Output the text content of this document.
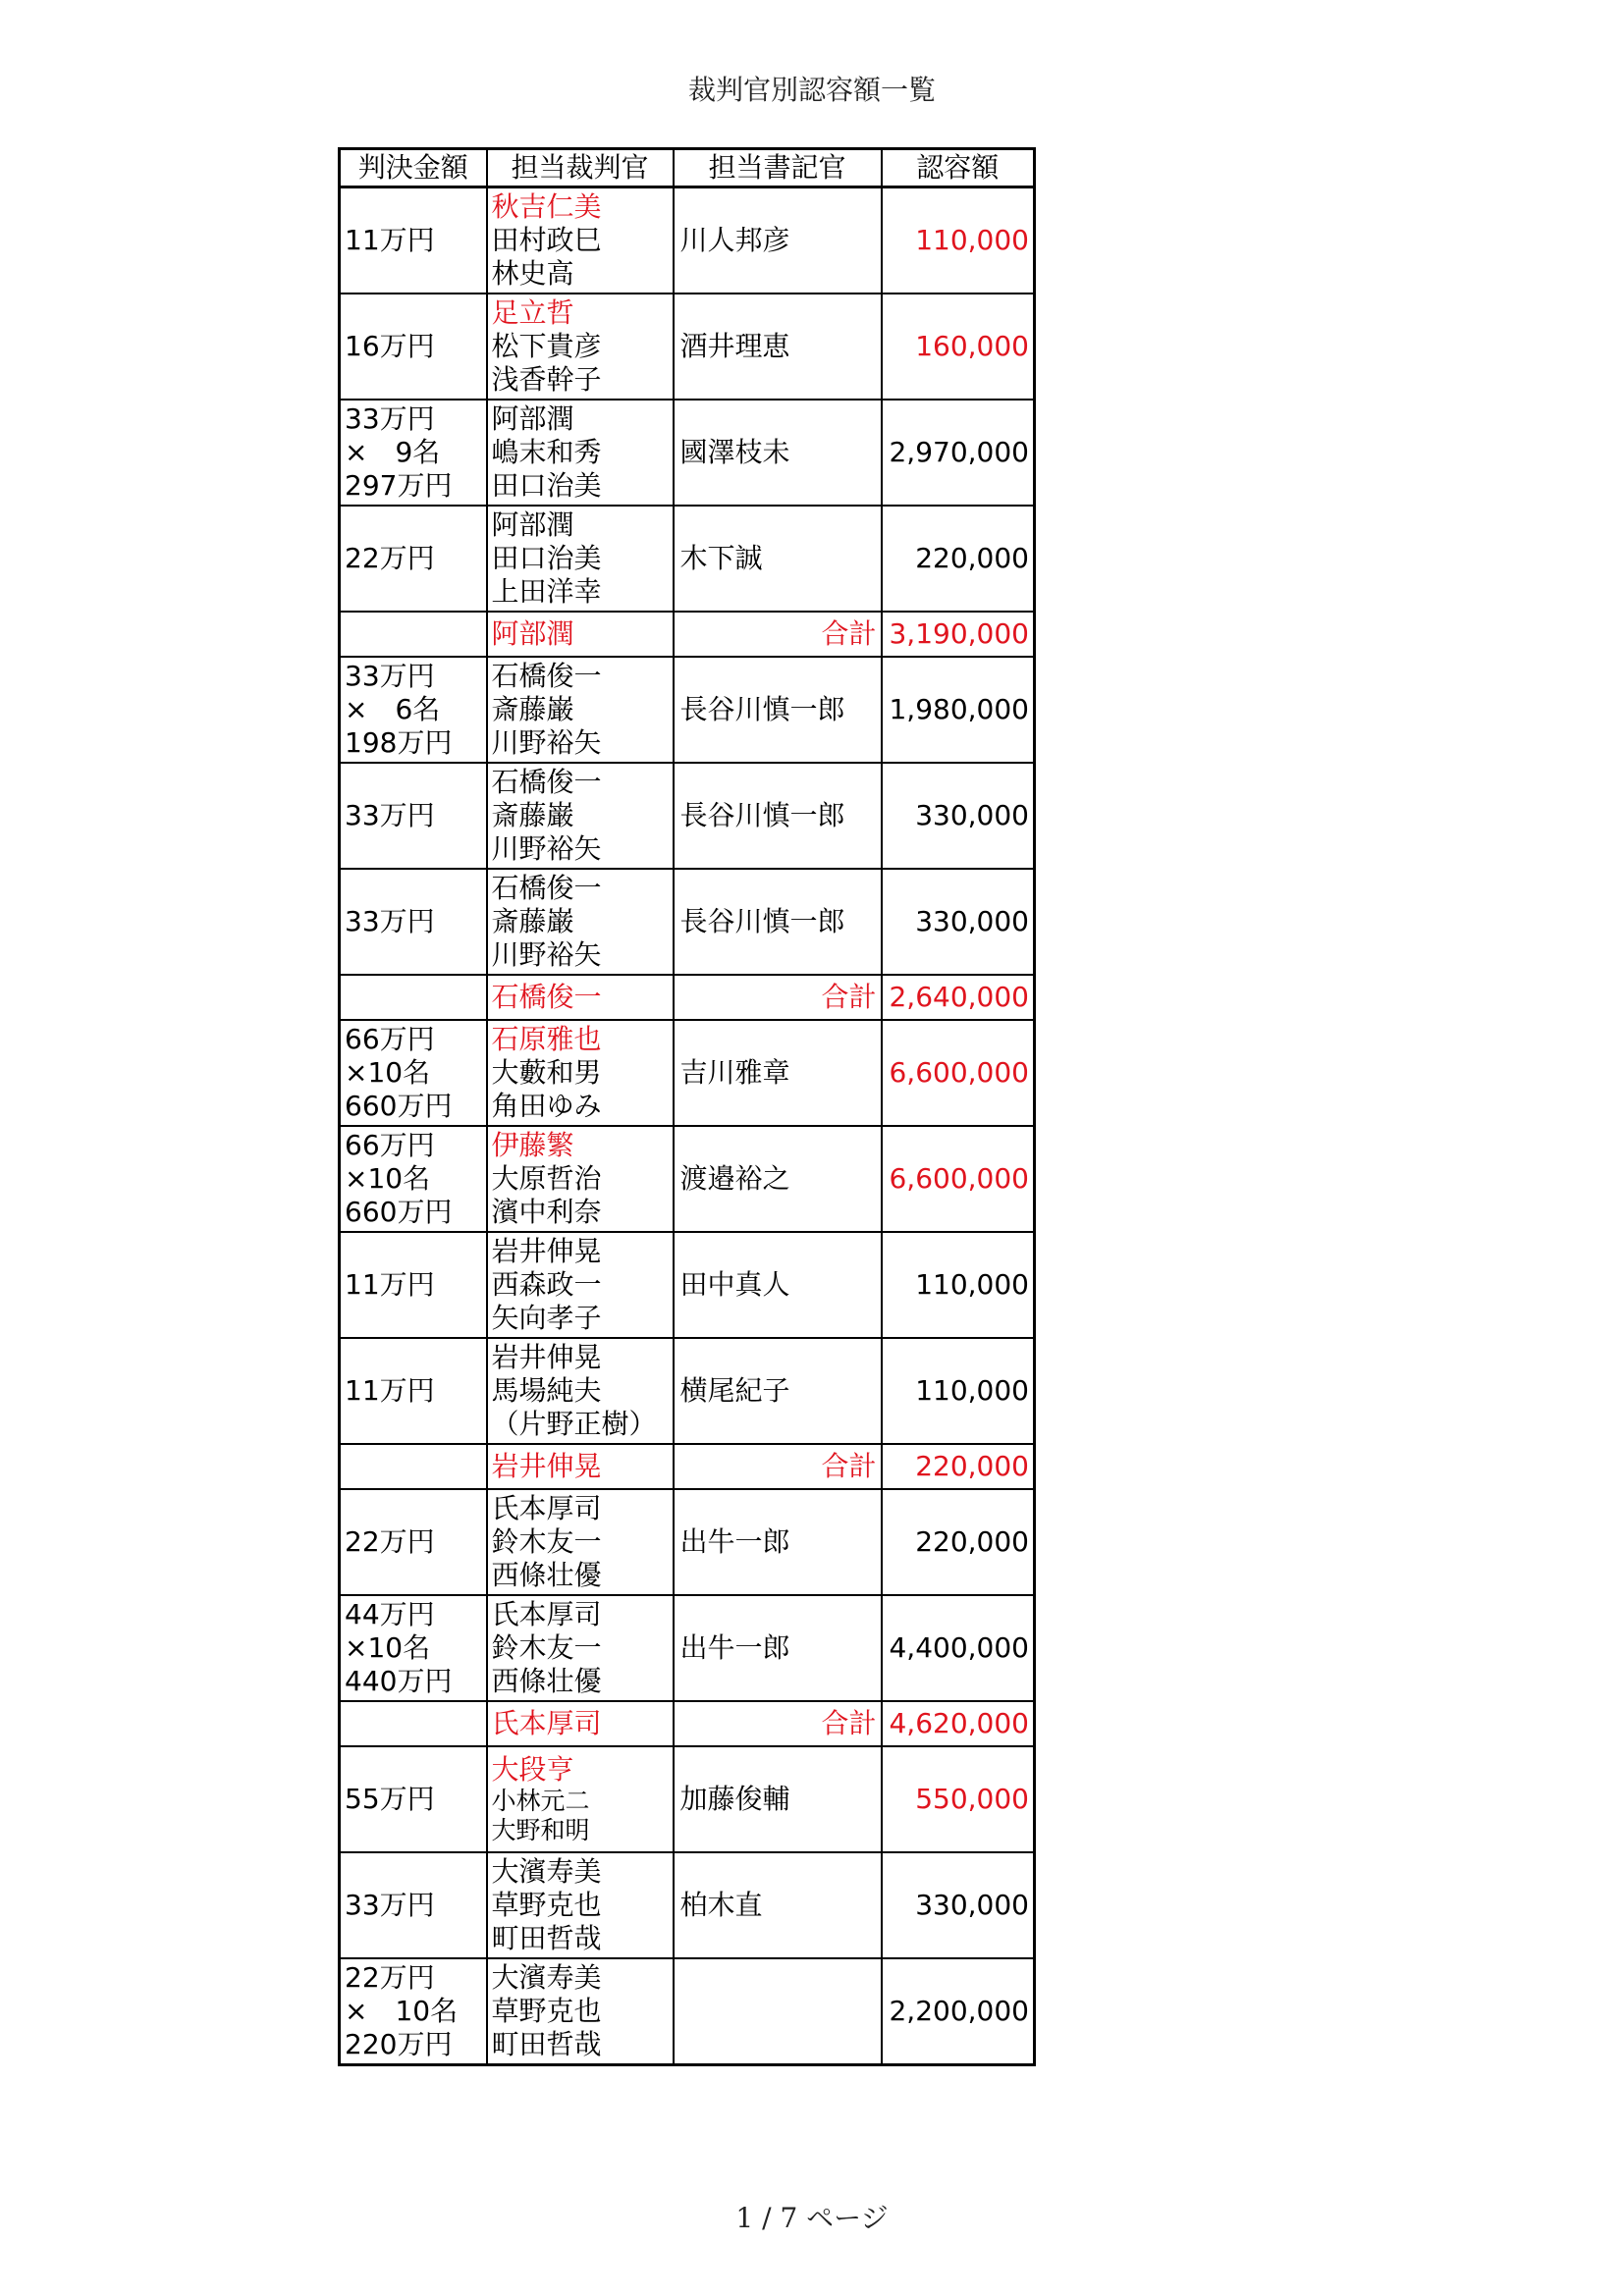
裁判官別認容額一覧
判決金額	担当裁判官	担当書記官	認容額

11万円	秋吉仁美
田村政巳
林史高	川人邦彦	110,000

16万円	足立哲
松下貴彦
浅香幹子	酒井理恵	160,000

33万円
×　9名
297万円	阿部潤
嶋末和秀
田口治美	國澤枝未	2,970,000

22万円	阿部潤
田口治美
上田洋幸	木下誠	220,000
	阿部潤	合計	3,190,000

33万円
×　6名
198万円	石橋俊一
斎藤巌
川野裕矢	長谷川慎一郎	1,980,000

33万円	石橋俊一
斎藤巌
川野裕矢	長谷川慎一郎	330,000

33万円	石橋俊一
斎藤巌
川野裕矢	長谷川慎一郎	330,000
	石橋俊一	合計	2,640,000

66万円
×10名
660万円	石原雅也
大藪和男
角田ゆみ	吉川雅章	6,600,000

66万円
×10名
660万円	伊藤繁
大原哲治
濱中利奈	渡邉裕之	6,600,000

11万円	岩井伸晃
西森政一
矢向孝子	田中真人	110,000

11万円	岩井伸晃
馬場純夫
（片野正樹）	横尾紀子	110,000
	岩井伸晃	合計	220,000

22万円	氏本厚司
鈴木友一
西條壮優	出牛一郎	220,000

44万円
×10名
440万円	氏本厚司
鈴木友一
西條壮優	出牛一郎	4,400,000
	氏本厚司	合計	4,620,000

55万円	大段亨
小林元二
大野和明	加藤俊輔	550,000

33万円	大濱寿美
草野克也
町田哲哉	柏木直	330,000

22万円
×　10名
220万円	大濱寿美
草野克也
町田哲哉		2,200,000
1 / 7 ページ
